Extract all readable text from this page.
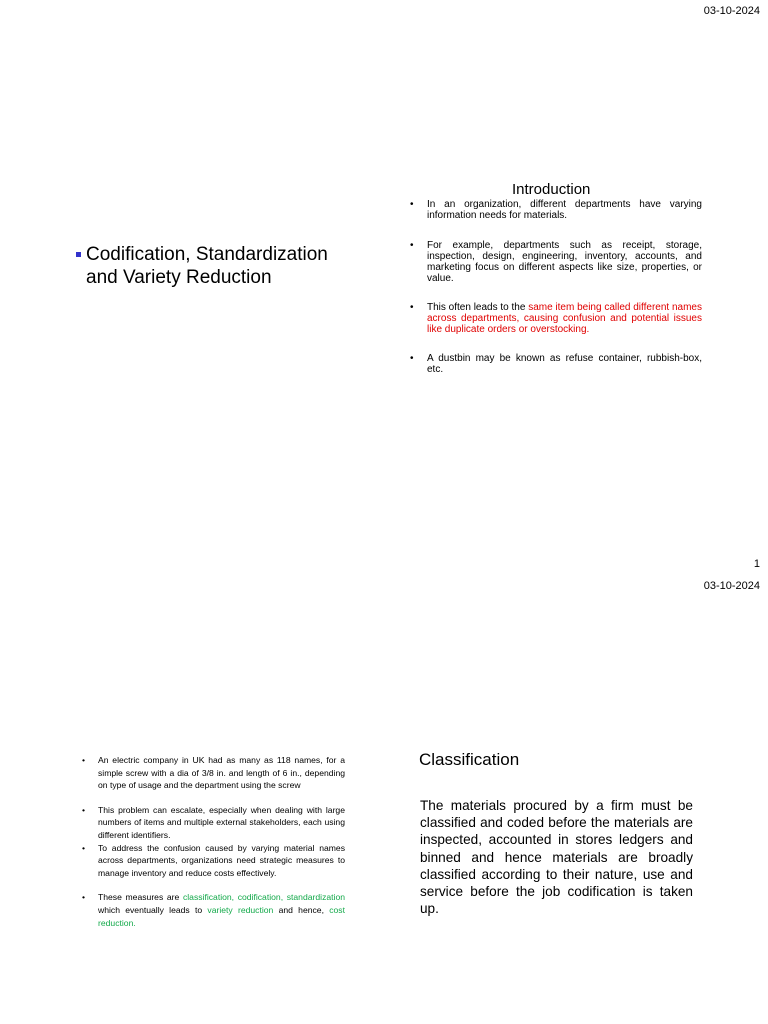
03-10-2024
Codification, Standardization and Variety Reduction
Introduction
• In an organization, different departments have varying information needs for materials.
• For example, departments such as receipt, storage, inspection, design, engineering, inventory, accounts, and marketing focus on different aspects like size, properties, or value.
• This often leads to the same item being called different names across departments, causing confusion and potential issues like duplicate orders or overstocking.
• A dustbin may be known as refuse container, rubbish-box, etc.
1
03-10-2024
• An electric company in UK had as many as 118 names, for a simple screw with a dia of 3/8 in. and length of 6 in., depending on type of usage and the department using the screw
• This problem can escalate, especially when dealing with large numbers of items and multiple external stakeholders, each using different identifiers.
• To address the confusion caused by varying material names across departments, organizations need strategic measures to manage inventory and reduce costs effectively.
• These measures are classification, codification, standardization which eventually leads to variety reduction and hence, cost reduction.
Classification

The materials procured by a firm must be classified and coded before the materials are inspected, accounted in stores ledgers and binned and hence materials are broadly classified according to their nature, use and service before the job codification is taken up.
